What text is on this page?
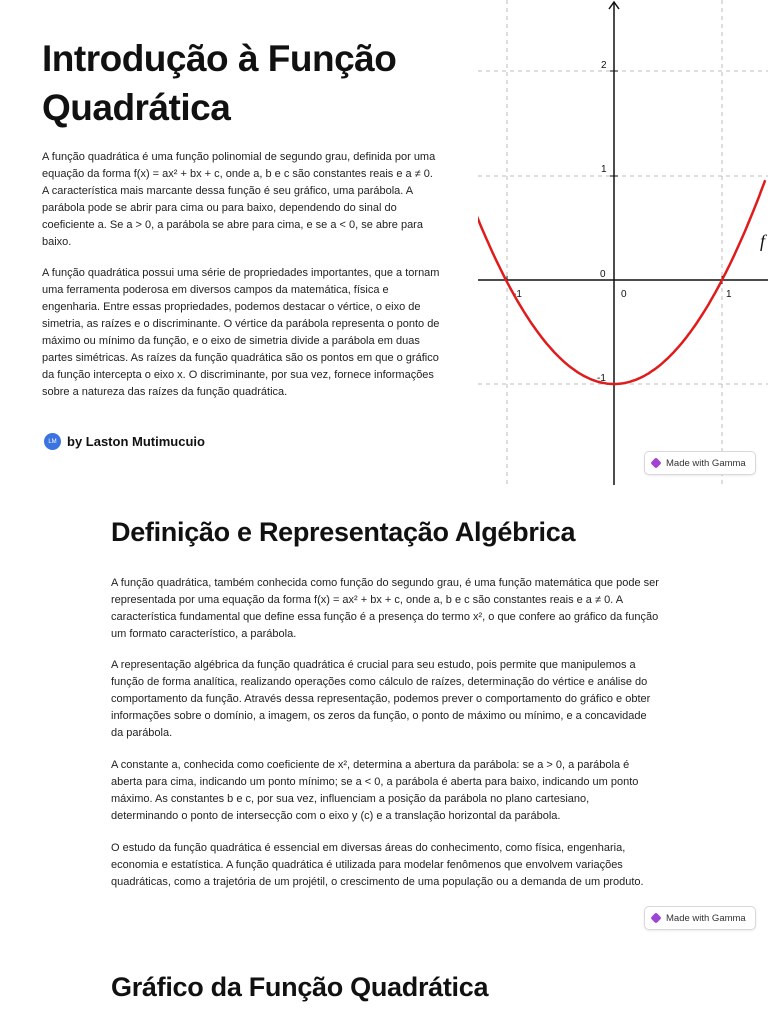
Introdução à Função Quadrática

A função quadrática é uma função polinomial de segundo grau, definida por uma equação da forma f(x) = ax² + bx + c, onde a, b e c são constantes reais e a ≠ 0. A característica mais marcante dessa função é seu gráfico, uma parábola. A parábola pode se abrir para cima ou para baixo, dependendo do sinal do coeficiente a. Se a > 0, a parábola se abre para cima, e se a < 0, se abre para baixo.

A função quadrática possui uma série de propriedades importantes, que a tornam uma ferramenta poderosa em diversos campos da matemática, física e engenharia. Entre essas propriedades, podemos destacar o vértice, o eixo de simetria, as raízes e o discriminante. O vértice da parábola representa o ponto de máximo ou mínimo da função, e o eixo de simetria divide a parábola em duas partes simétricas. As raízes da função quadrática são os pontos em que o gráfico da função intercepta o eixo x. O discriminante, por sua vez, fornece informações sobre a natureza das raízes da função quadrática.

LM by Laston Mutimucuio
2
1
-1
0
-1	0	1
f
Made with Gamma
Definição e Representação Algébrica

A função quadrática, também conhecida como função do segundo grau, é uma função matemática que pode ser representada por uma equação da forma f(x) = ax² + bx + c, onde a, b e c são constantes reais e a ≠ 0. A característica fundamental que define essa função é a presença do termo x², o que confere ao gráfico da função um formato característico, a parábola.

A representação algébrica da função quadrática é crucial para seu estudo, pois permite que manipulemos a função de forma analítica, realizando operações como cálculo de raízes, determinação do vértice e análise do comportamento da função. Através dessa representação, podemos prever o comportamento do gráfico e obter informações sobre o domínio, a imagem, os zeros da função, o ponto de máximo ou mínimo, e a concavidade da parábola.

A constante a, conhecida como coeficiente de x², determina a abertura da parábola: se a > 0, a parábola é aberta para cima, indicando um ponto mínimo; se a < 0, a parábola é aberta para baixo, indicando um ponto máximo. As constantes b e c, por sua vez, influenciam a posição da parábola no plano cartesiano, determinando o ponto de intersecção com o eixo y (c) e a translação horizontal da parábola.

O estudo da função quadrática é essencial em diversas áreas do conhecimento, como física, engenharia, economia e estatística. A função quadrática é utilizada para modelar fenômenos que envolvem variações quadráticas, como a trajetória de um projétil, o crescimento de uma população ou a demanda de um produto.

Made with Gamma
Gráfico da Função Quadrática
